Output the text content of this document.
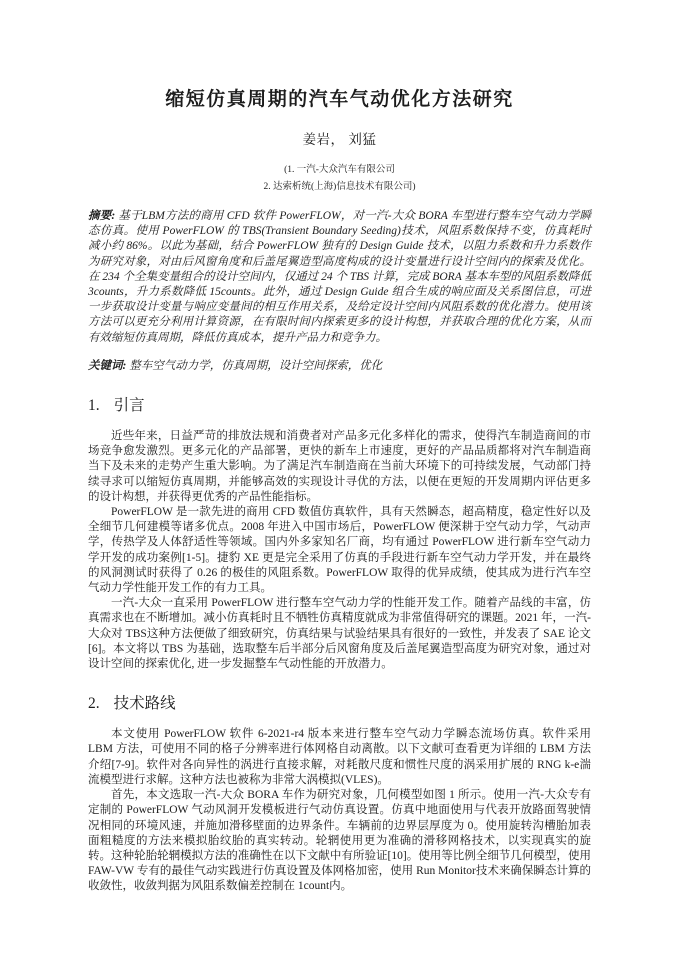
缩短仿真周期的汽车气动优化方法研究
姜岩， 刘猛
(1. 一汽-大众汽车有限公司
2. 达索析统(上海)信息技术有限公司)

摘要: 基于LBM方法的商用 CFD 软件 PowerFLOW，对一汽-大众 BORA 车型进行整车空气动力学瞬态仿真。使用 PowerFLOW 的 TBS(Transient Boundary Seeding)技术，风阻系数保持不变，仿真耗时减小约 86%。以此为基础，结合 PowerFLOW 独有的 Design Guide 技术，以阻力系数和升力系数作为研究对象，对由后风窗角度和后盖尾翼造型高度构成的设计变量进行设计空间内的探索及优化。在 234 个全集变量组合的设计空间内，仅通过 24 个 TBS 计算，完成 BORA 基本车型的风阻系数降低 3counts，升力系数降低 15counts。此外，通过 Design Guide 组合生成的响应面及关系图信息，可进一步获取设计变量与响应变量间的相互作用关系，及给定设计空间内风阻系数的优化潜力。使用该方法可以更充分利用计算资源，在有限时间内探索更多的设计构想，并获取合理的优化方案，从而有效缩短仿真周期，降低仿真成本，提升产品力和竞争力。

关键词: 整车空气动力学，仿真周期，设计空间探索，优化

1. 引言

近些年来，日益严苛的排放法规和消费者对产品多元化多样化的需求，使得汽车制造商间的市场竞争愈发激烈。更多元化的产品部署，更快的新车上市速度，更好的产品品质都将对汽车制造商当下及未来的走势产生重大影响。为了满足汽车制造商在当前大环境下的可持续发展，气动部门持续寻求可以缩短仿真周期，并能够高效的实现设计寻优的方法，以便在更短的开发周期内评估更多的设计构想，并获得更优秀的产品性能指标。

PowerFLOW 是一款先进的商用 CFD 数值仿真软件，具有天然瞬态，超高精度，稳定性好以及全细节几何建模等诸多优点。2008 年进入中国市场后，PowerFLOW 便深耕于空气动力学，气动声学，传热学及人体舒适性等领域。国内外多家知名厂商，均有通过 PowerFLOW 进行新车空气动力学开发的成功案例[1-5]。捷豹 XE 更是完全采用了仿真的手段进行新车空气动力学开发，并在最终的风洞测试时获得了 0.26 的极佳的风阻系数。PowerFLOW 取得的优异成绩，使其成为进行汽车空气动力学性能开发工作的有力工具。

一汽-大众一直采用 PowerFLOW 进行整车空气动力学的性能开发工作。随着产品线的丰富，仿真需求也在不断增加。减小仿真耗时且不牺牲仿真精度就成为非常值得研究的课题。2021 年，一汽-大众对 TBS这种方法便做了细致研究，仿真结果与试验结果具有很好的一致性，并发表了 SAE 论文[6]。本文将以 TBS 为基础，选取整车后半部分后风窗角度及后盖尾翼造型高度为研究对象，通过对设计空间的探索优化, 进一步发掘整车气动性能的开放潜力。

2. 技术路线

本文使用 PowerFLOW 软件 6-2021-r4 版本来进行整车空气动力学瞬态流场仿真。软件采用 LBM 方法，可使用不同的格子分辨率进行体网格自动离散。以下文献可查看更为详细的 LBM 方法介绍[7-9]。软件对各向异性的涡进行直接求解，对耗散尺度和惯性尺度的涡采用扩展的 RNG k-e湍流模型进行求解。这种方法也被称为非常大涡模拟(VLES)。

首先，本文选取一汽-大众 BORA 车作为研究对象，几何模型如图 1 所示。使用一汽-大众专有定制的 PowerFLOW 气动风洞开发模板进行气动仿真设置。仿真中地面使用与代表开放路面驾驶情况相同的环境风速，并施加滑移壁面的边界条件。车辆前的边界层厚度为 0。使用旋转沟槽胎加表面粗糙度的方法来模拟胎纹胎的真实转动。轮辋使用更为准确的滑移网格技术，以实现真实的旋转。这种轮胎轮辋模拟方法的准确性在以下文献中有所验证[10]。使用等比例全细节几何模型，使用 FAW-VW 专有的最佳气动实践进行仿真设置及体网格加密，使用 Run Monitor技术来确保瞬态计算的收敛性，收敛判据为风阻系数偏差控制在 1count内。
